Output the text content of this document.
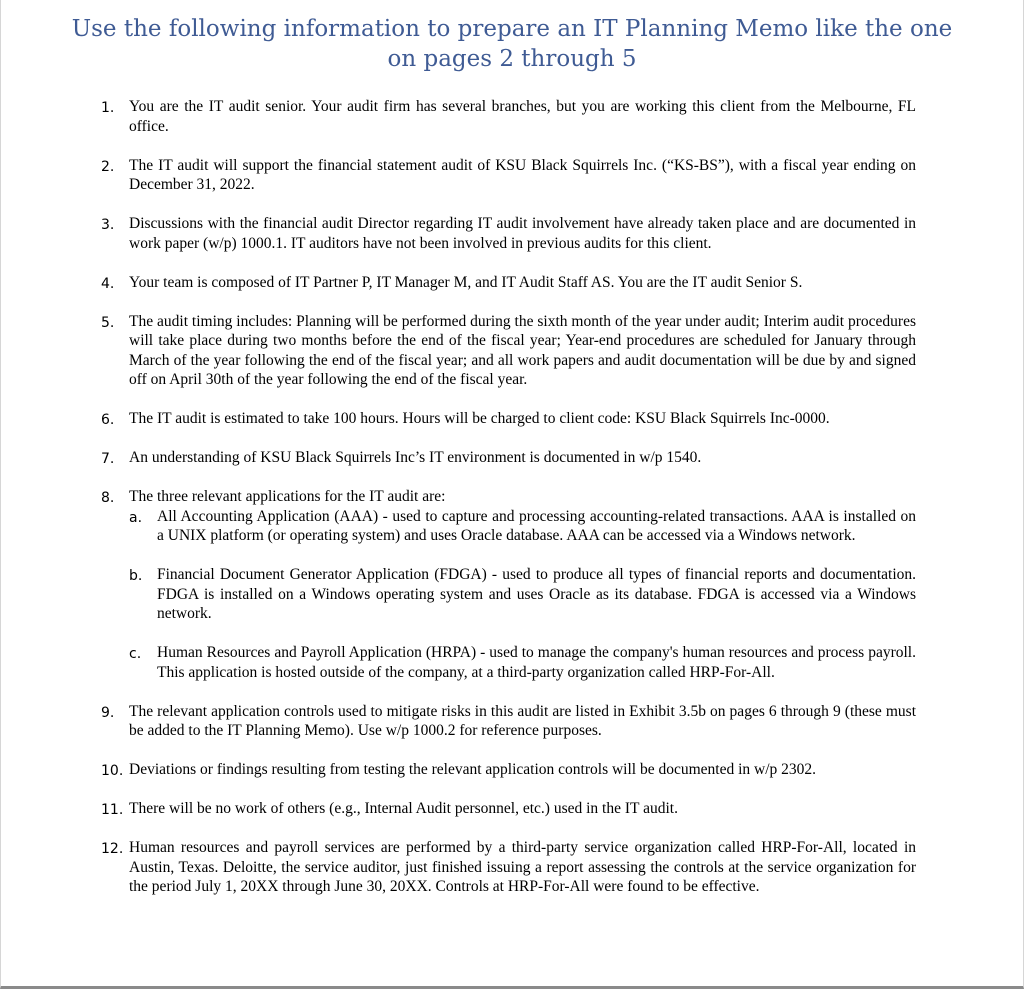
Use the following information to prepare an IT Planning Memo like the one
on pages 2 through 5
1. You are the IT audit senior. Your audit firm has several branches, but you are working this client from the Melbourne, FL office.
2. The IT audit will support the financial statement audit of KSU Black Squirrels Inc. (“KS-BS”), with a fiscal year ending on December 31, 2022.
3. Discussions with the financial audit Director regarding IT audit involvement have already taken place and are documented in work paper (w/p) 1000.1. IT auditors have not been involved in previous audits for this client.
4. Your team is composed of IT Partner P, IT Manager M, and IT Audit Staff AS. You are the IT audit Senior S.
5. The audit timing includes: Planning will be performed during the sixth month of the year under audit; Interim audit procedures will take place during two months before the end of the fiscal year; Year-end procedures are scheduled for January through March of the year following the end of the fiscal year; and all work papers and audit documentation will be due by and signed off on April 30th of the year following the end of the fiscal year.
6. The IT audit is estimated to take 100 hours. Hours will be charged to client code: KSU Black Squirrels Inc-0000.
7. An understanding of KSU Black Squirrels Inc’s IT environment is documented in w/p 1540.
8. The three relevant applications for the IT audit are:
a. All Accounting Application (AAA) - used to capture and processing accounting-related transactions. AAA is installed on a UNIX platform (or operating system) and uses Oracle database. AAA can be accessed via a Windows network.
b. Financial Document Generator Application (FDGA) - used to produce all types of financial reports and documentation. FDGA is installed on a Windows operating system and uses Oracle as its database. FDGA is accessed via a Windows network.
c. Human Resources and Payroll Application (HRPA) - used to manage the company's human resources and process payroll. This application is hosted outside of the company, at a third-party organization called HRP-For-All.
9. The relevant application controls used to mitigate risks in this audit are listed in Exhibit 3.5b on pages 6 through 9 (these must be added to the IT Planning Memo). Use w/p 1000.2 for reference purposes.
10. Deviations or findings resulting from testing the relevant application controls will be documented in w/p 2302.
11. There will be no work of others (e.g., Internal Audit personnel, etc.) used in the IT audit.
12. Human resources and payroll services are performed by a third-party service organization called HRP-For-All, located in Austin, Texas. Deloitte, the service auditor, just finished issuing a report assessing the controls at the service organization for the period July 1, 20XX through June 30, 20XX. Controls at HRP-For-All were found to be effective.
